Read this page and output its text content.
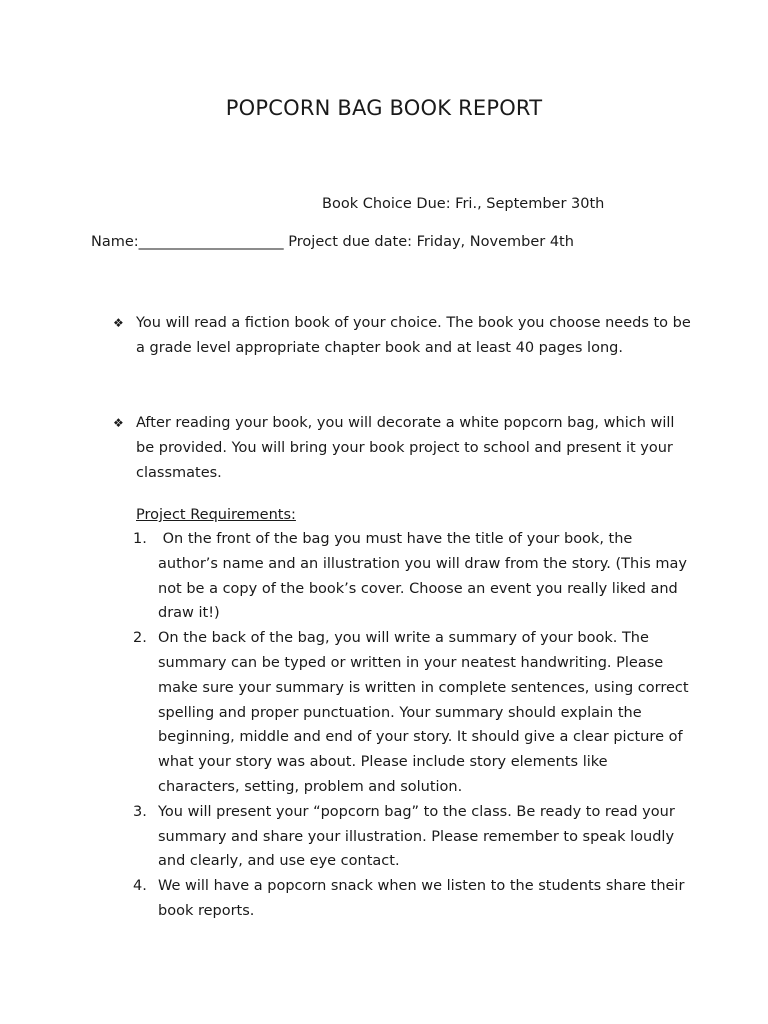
POPCORN BAG BOOK REPORT
Book Choice Due: Fri., September 30th
Name:____________________ Project due date: Friday, November 4th
❖ You will read a fiction book of your choice. The book you choose needs to be a grade level appropriate chapter book and at least 40 pages long.
❖ After reading your book, you will decorate a white popcorn bag, which will be provided. You will bring your book project to school and present it your classmates.
Project Requirements:
1. On the front of the bag you must have the title of your book, the author’s name and an illustration you will draw from the story. (This may not be a copy of the book’s cover. Choose an event you really liked and draw it!)
2. On the back of the bag, you will write a summary of your book. The summary can be typed or written in your neatest handwriting. Please make sure your summary is written in complete sentences, using correct spelling and proper punctuation. Your summary should explain the beginning, middle and end of your story. It should give a clear picture of what your story was about. Please include story elements like characters, setting, problem and solution.
3. You will present your “popcorn bag” to the class. Be ready to read your summary and share your illustration. Please remember to speak loudly and clearly, and use eye contact.
4. We will have a popcorn snack when we listen to the students share their book reports.
